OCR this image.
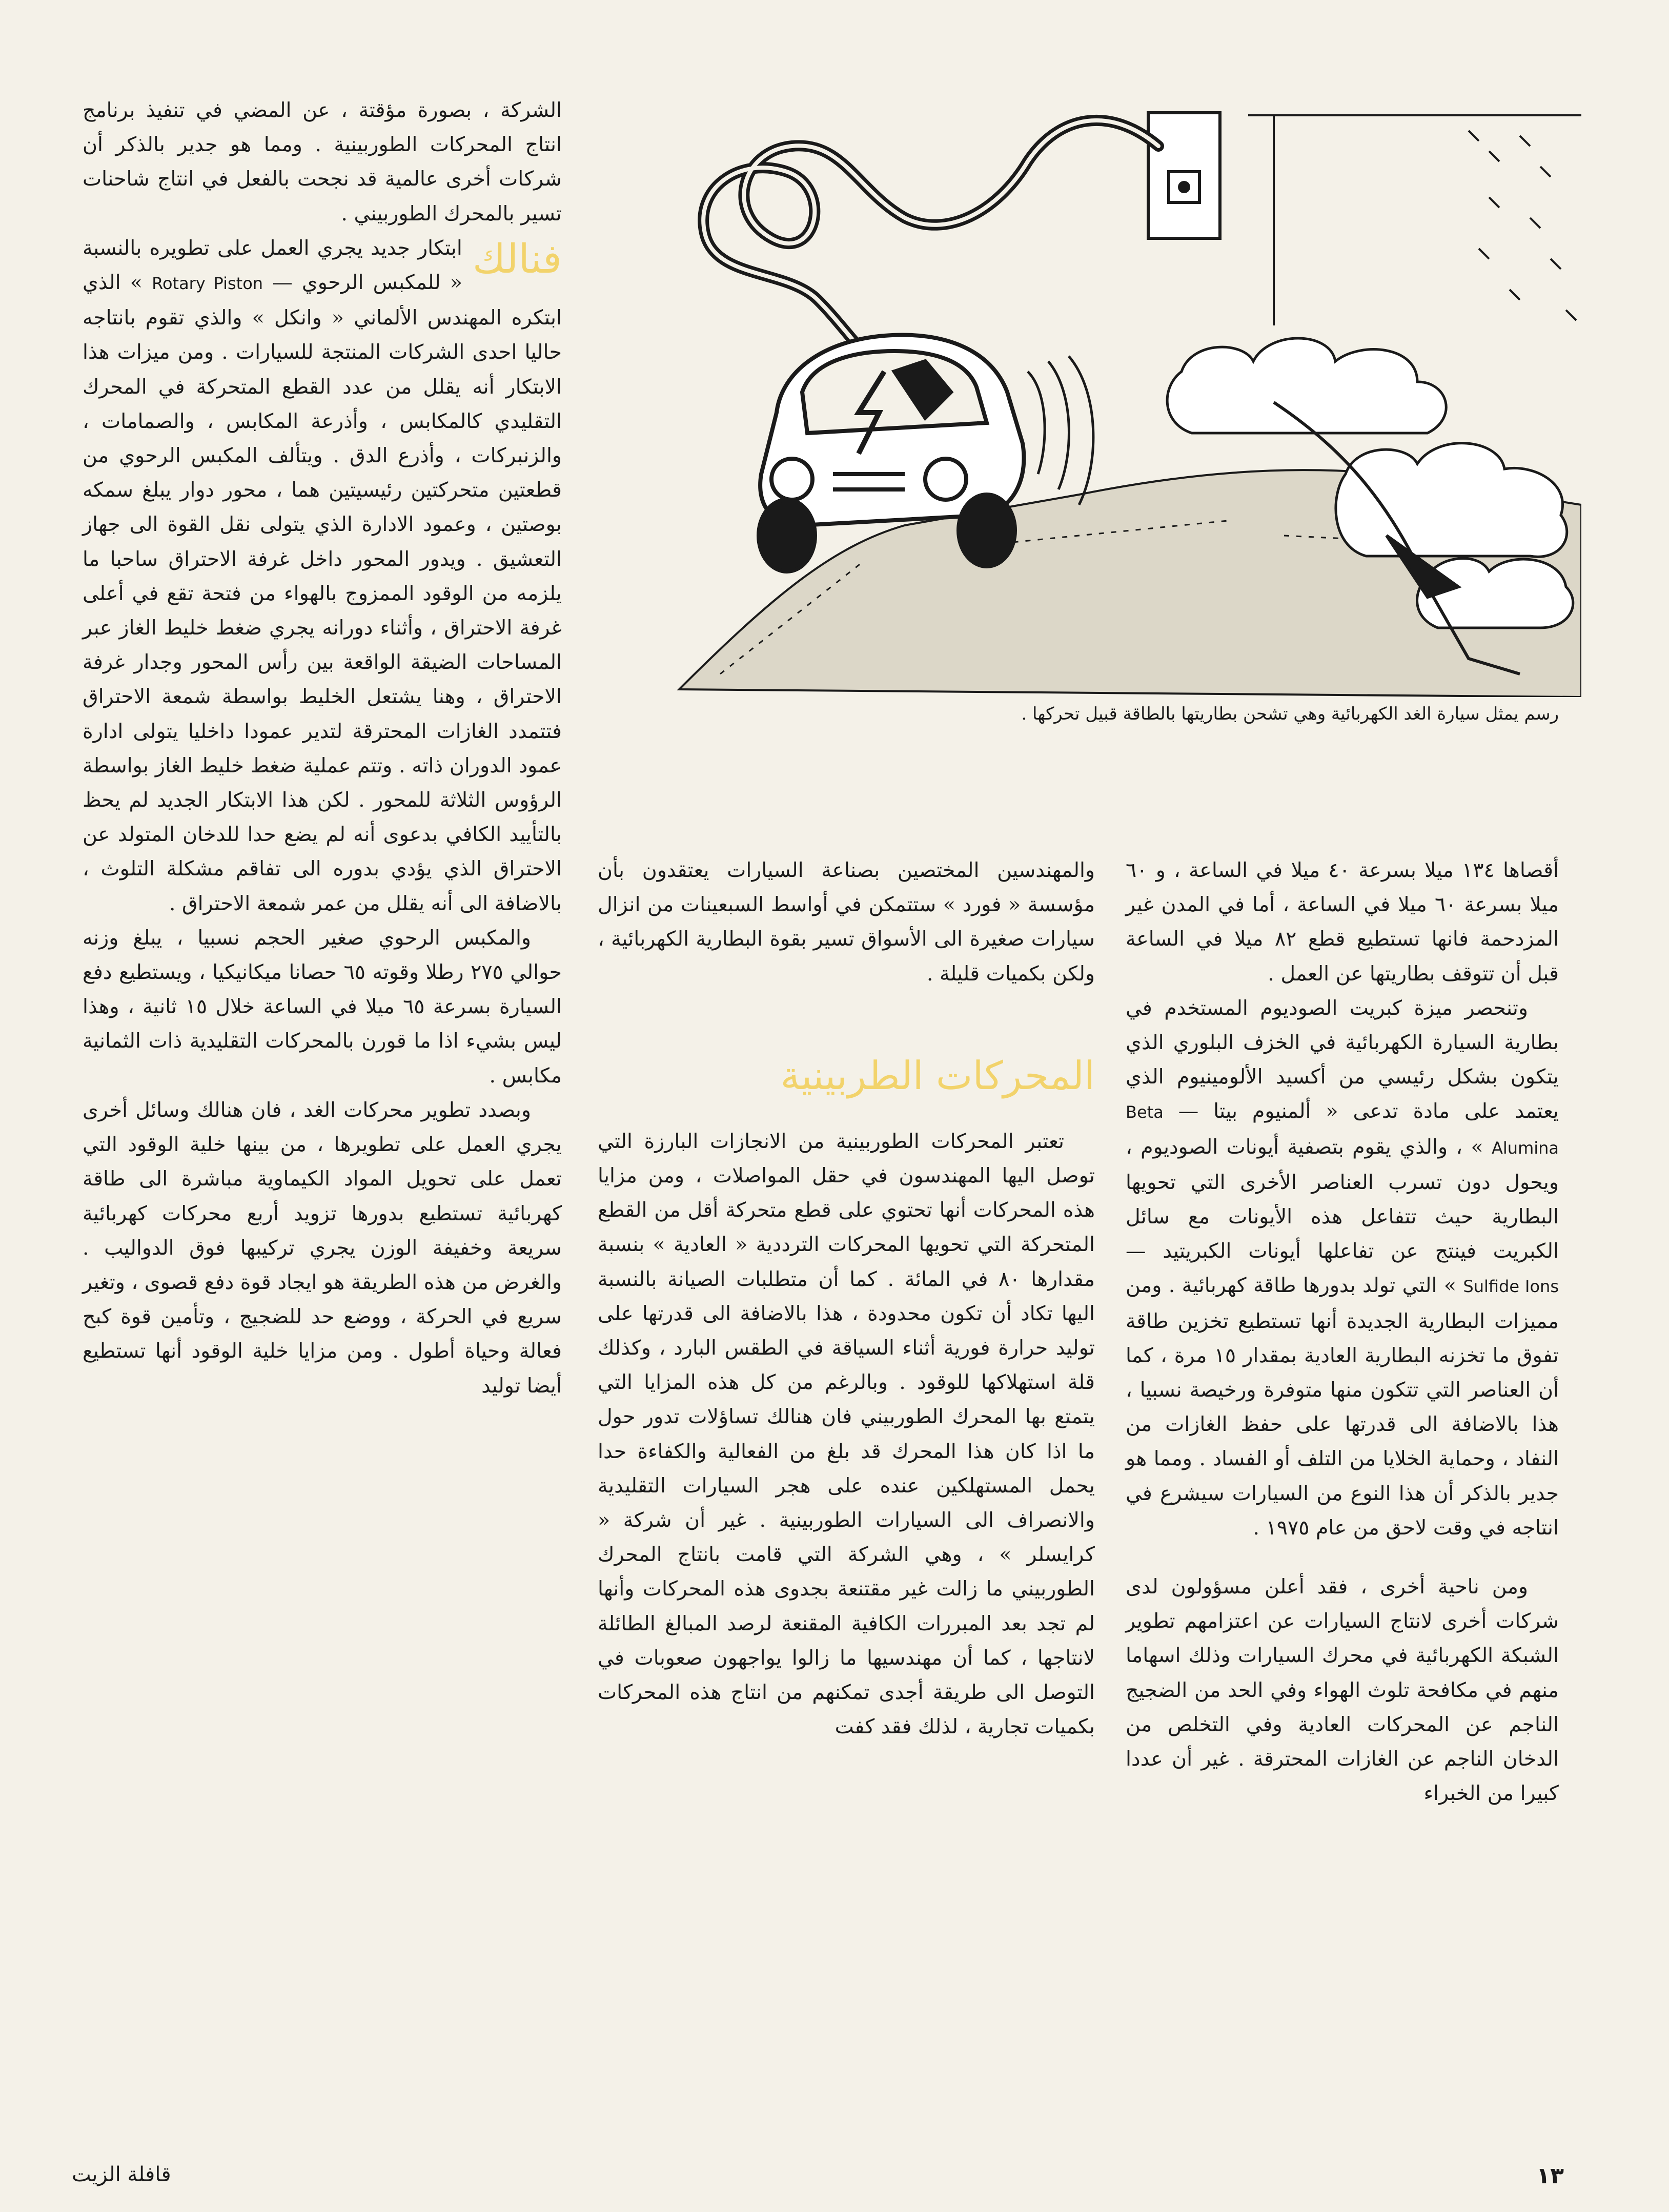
رسم يمثل سيارة الغد الكهربائية وهي تشحن بطاريتها بالطاقة قبيل تحركها .

أقصاها ١٣٤ ميلا بسرعة ٤٠ ميلا في الساعة ، و ٦٠ ميلا بسرعة ٦٠ ميلا في الساعة ، أما في المدن غير المزدحمة فانها تستطيع قطع ٨٢ ميلا في الساعة قبل أن تتوقف بطاريتها عن العمل .

وتنحصر ميزة كبريت الصوديوم المستخدم في بطارية السيارة الكهربائية في الخزف البلوري الذي يتكون بشكل رئيسي من أكسيد الألومينيوم الذي يعتمد على مادة تدعى « ألمنيوم بيتا — Beta Alumina » ، والذي يقوم بتصفية أيونات الصوديوم ، ويحول دون تسرب العناصر الأخرى التي تحويها البطارية حيث تتفاعل هذه الأيونات مع سائل الكبريت فينتج عن تفاعلها أيونات الكبريتيد — Sulfide Ions » التي تولد بدورها طاقة كهربائية . ومن مميزات البطارية الجديدة أنها تستطيع تخزين طاقة تفوق ما تخزنه البطارية العادية بمقدار ١٥ مرة ، كما أن العناصر التي تتكون منها متوفرة ورخيصة نسبيا ، هذا بالاضافة الى قدرتها على حفظ الغازات من النفاد ، وحماية الخلايا من التلف أو الفساد . ومما هو جدير بالذكر أن هذا النوع من السيارات سيشرع في انتاجه في وقت لاحق من عام ١٩٧٥ .

ومن ناحية أخرى ، فقد أعلن مسؤولون لدى شركات أخرى لانتاج السيارات عن اعتزامهم تطوير الشبكة الكهربائية في محرك السيارات وذلك اسهاما منهم في مكافحة تلوث الهواء وفي الحد من الضجيج الناجم عن المحركات العادية وفي التخلص من الدخان الناجم عن الغازات المحترقة . غير أن عددا كبيرا من الخبراء

والمهندسين المختصين بصناعة السيارات يعتقدون بأن مؤسسة « فورد » ستتمكن في أواسط السبعينات من انزال سيارات صغيرة الى الأسواق تسير بقوة البطارية الكهربائية ، ولكن بكميات قليلة .

المحركات الطربينية

تعتبر المحركات الطوربينية من الانجازات البارزة التي توصل اليها المهندسون في حقل المواصلات ، ومن مزايا هذه المحركات أنها تحتوي على قطع متحركة أقل من القطع المتحركة التي تحويها المحركات الترددية « العادية » بنسبة مقدارها ٨٠ في المائة . كما أن متطلبات الصيانة بالنسبة اليها تكاد أن تكون محدودة ، هذا بالاضافة الى قدرتها على توليد حرارة فورية أثناء السياقة في الطقس البارد ، وكذلك قلة استهلاكها للوقود . وبالرغم من كل هذه المزايا التي يتمتع بها المحرك الطوربيني فان هنالك تساؤلات تدور حول ما اذا كان هذا المحرك قد بلغ من الفعالية والكفاءة حدا يحمل المستهلكين عنده على هجر السيارات التقليدية والانصراف الى السيارات الطوربينية . غير أن شركة « كرايسلر » ، وهي الشركة التي قامت بانتاج المحرك الطوربيني ما زالت غير مقتنعة بجدوى هذه المحركات وأنها لم تجد بعد المبررات الكافية المقنعة لرصد المبالغ الطائلة لانتاجها ، كما أن مهندسيها ما زالوا يواجهون صعوبات في التوصل الى طريقة أجدى تمكنهم من انتاج هذه المحركات بكميات تجارية ، لذلك فقد كفت

الشركة ، بصورة مؤقتة ، عن المضي في تنفيذ برنامج انتاج المحركات الطوربينية . ومما هو جدير بالذكر أن شركات أخرى عالمية قد نجحت بالفعل في انتاج شاحنات تسير بالمحرك الطوربيني .

فنالك
ابتكار جديد يجري العمل على تطويره بالنسبة « للمكبس الرحوي — Rotary Piston » الذي ابتكره المهندس الألماني « وانكل » والذي تقوم بانتاجه حاليا احدى الشركات المنتجة للسيارات . ومن ميزات هذا الابتكار أنه يقلل من عدد القطع المتحركة في المحرك التقليدي كالمكابس ، وأذرعة المكابس ، والصمامات ، والزنبركات ، وأذرع الدق . ويتألف المكبس الرحوي من قطعتين متحركتين رئيسيتين هما ، محور دوار يبلغ سمكه بوصتين ، وعمود الادارة الذي يتولى نقل القوة الى جهاز التعشيق . ويدور المحور داخل غرفة الاحتراق ساحبا ما يلزمه من الوقود الممزوج بالهواء من فتحة تقع في أعلى غرفة الاحتراق ، وأثناء دورانه يجري ضغط خليط الغاز عبر المساحات الضيقة الواقعة بين رأس المحور وجدار غرفة الاحتراق ، وهنا يشتعل الخليط بواسطة شمعة الاحتراق فتتمدد الغازات المحترقة لتدير عمودا داخليا يتولى ادارة عمود الدوران ذاته . وتتم عملية ضغط خليط الغاز بواسطة الرؤوس الثلاثة للمحور . لكن هذا الابتكار الجديد لم يحظ بالتأييد الكافي بدعوى أنه لم يضع حدا للدخان المتولد عن الاحتراق الذي يؤدي بدوره الى تفاقم مشكلة التلوث ، بالاضافة الى أنه يقلل من عمر شمعة الاحتراق .

والمكبس الرحوي صغير الحجم نسبيا ، يبلغ وزنه حوالي ٢٧٥ رطلا وقوته ٦٥ حصانا ميكانيكيا ، ويستطيع دفع السيارة بسرعة ٦٥ ميلا في الساعة خلال ١٥ ثانية ، وهذا ليس بشيء اذا ما قورن بالمحركات التقليدية ذات الثمانية مكابس .

وبصدد تطوير محركات الغد ، فان هنالك وسائل أخرى يجري العمل على تطويرها ، من بينها خلية الوقود التي تعمل على تحويل المواد الكيماوية مباشرة الى طاقة كهربائية تستطيع بدورها تزويد أربع محركات كهربائية سريعة وخفيفة الوزن يجري تركيبها فوق الدواليب . والغرض من هذه الطريقة هو ايجاد قوة دفع قصوى ، وتغير سريع في الحركة ، ووضع حد للضجيج ، وتأمين قوة كبح فعالة وحياة أطول . ومن مزايا خلية الوقود أنها تستطيع أيضا توليد

١٣
قافلة الزيت
